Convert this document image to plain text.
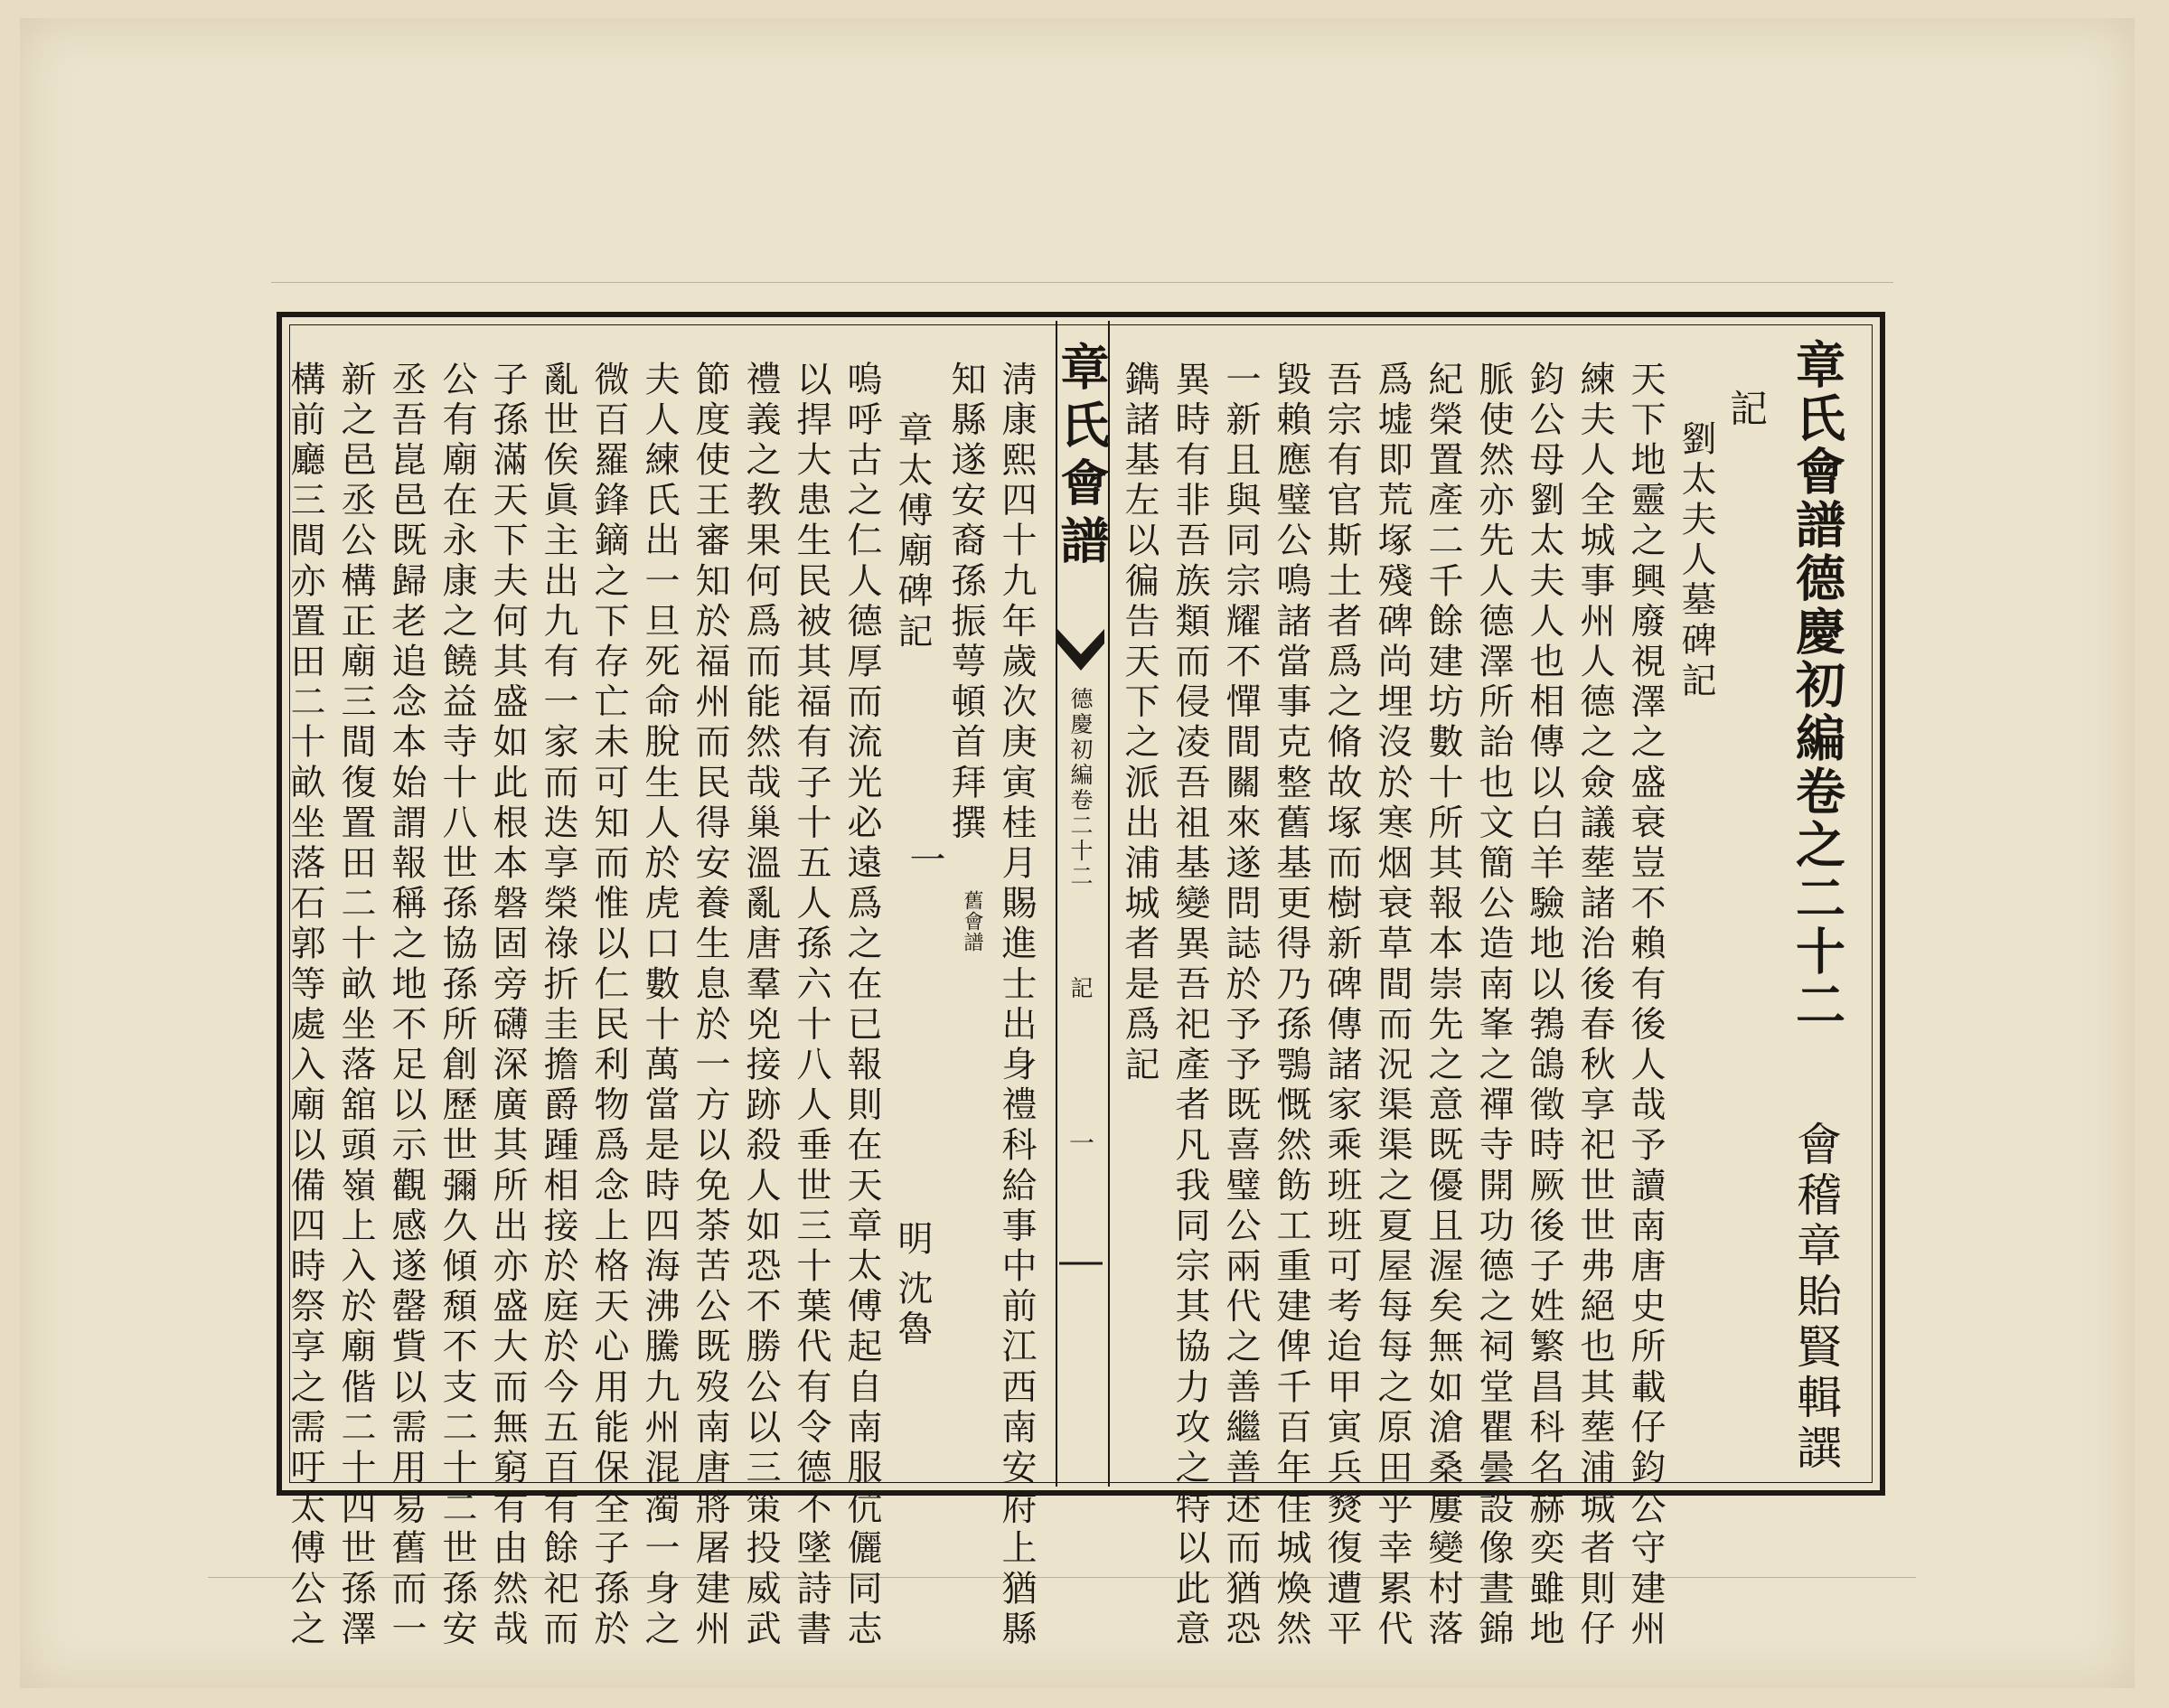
章氏會譜德慶初編卷之二十二
會稽章貽賢輯譔
記
劉太夫人墓碑記
天下地靈之興廢視澤之盛衰豈不賴有後人哉予讀南唐史所載仔鈞公守建州
練夫人全城事州人德之僉議塟諸治後春秋享祀世世弗絕也其塟浦城者則仔
鈞公母劉太夫人也相傳以白羊驗地以鵓鴿徵時厥後子姓繁昌科名赫奕雖地
脈使然亦先人德澤所詒也文簡公造南峯之禪寺開功德之祠堂瞿曇設像晝錦
紀榮置產二千餘建坊數十所其報本崇先之意既優且渥矣無如滄桑屢變村落
爲墟即荒塚殘碑尚埋沒於寒烟衰草間而況渠渠之夏屋每每之原田乎幸累代
吾宗有官斯土者爲之脩故塚而樹新碑傳諸家乘班班可考迨甲寅兵燹復遭平
毀賴應璧公鳴諸當事克整舊基更得乃孫鶚慨然飭工重建俾千百年佳城煥然
一新且與同宗耀不憚間關來遂問誌於予予既喜璧公兩代之善繼善述而猶恐
異時有非吾族類而侵凌吾祖基變異吾祀產者凡我同宗其協力攻之特以此意
鐫諸基左以徧告天下之派出浦城者是爲記
章氏會譜
德慶初編卷二十二
記
一
淸康熙四十九年歲次庚寅桂月賜進士出身禮科給事中前江西南安府上猶縣
知縣遂安裔孫振萼頓首拜撰
舊會譜
一
章太傅廟碑記
明
沈魯
嗚呼古之仁人德厚而流光必遠爲之在已報則在天章太傅起自南服伉儷同志
以捍大患生民被其福有子十五人孫六十八人垂世三十葉代有令德不墜詩書
禮義之教果何爲而能然哉巢溫亂唐羣兇接跡殺人如恐不勝公以三策投威武
節度使王審知於福州而民得安養生息於一方以免荼苦公既歿南唐將屠建州
夫人練氏出一旦死命脫生人於虎口數十萬當是時四海沸騰九州混濁一身之
微百羅鋒鏑之下存亡未可知而惟以仁民利物爲念上格天心用能保全子孫於
亂世俟眞主出九有一家而迭享榮祿折圭擔爵踵相接於庭於今五百有餘祀而
子孫滿天下夫何其盛如此根本磐固旁礴深廣其所出亦盛大而無窮有由然哉
公有廟在永康之饒益寺十八世孫協孫所創歷世彌久傾頹不支二十二世孫安
丞吾崑邑既歸老追念本始謂報稱之地不足以示觀感遂罄貲以需用易舊而一
新之邑丞公構正廟三間復置田二十畝坐落舘頭嶺上入於廟偕二十四世孫澤
構前廳三間亦置田二十畝坐落石郭等處入廟以備四時祭享之需吁太傅公之
